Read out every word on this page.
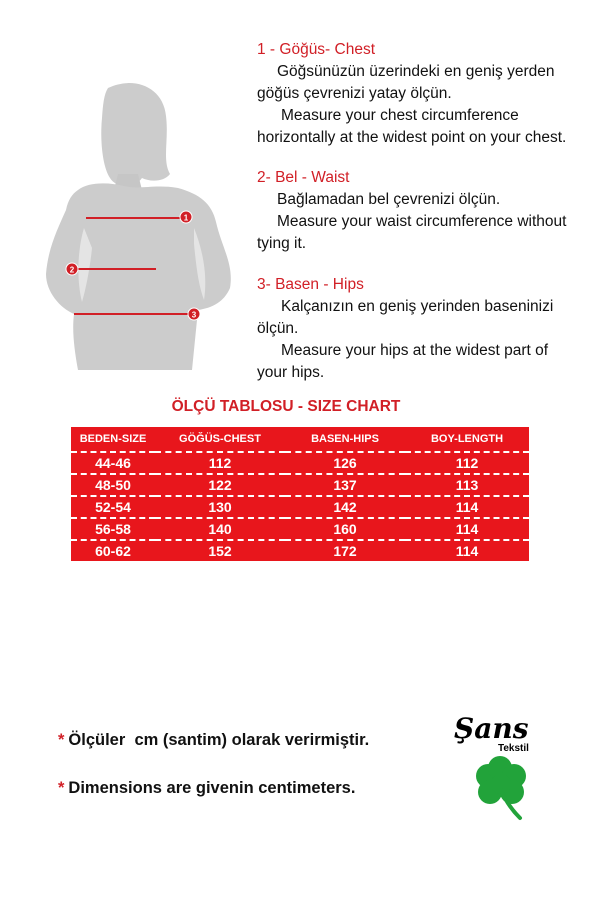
1
2
3

1 - Göğüs- Chest

Göğsünüzün üzerindeki en geniş yerden

göğüs çevrenizi yatay ölçün.

Measure your chest circumference

horizontally at the widest point on your chest.

2- Bel - Waist

Bağlamadan bel çevrenizi ölçün.

Measure your waist circumference without

tying it.

3- Basen - Hips

Kalçanızın en geniş yerinden baseninizi

ölçün.

Measure your hips at the widest part of

your hips.

ÖLÇÜ TABLOSU - SIZE CHART
BEDEN-SIZE	GÖĞÜS-CHEST	BASEN-HIPS	BOY-LENGTH
44-46	112	126	112
48-50	122	137	113
52-54	130	142	114
56-58	140	160	114
60-62	152	172	114
* Ölçüler  cm (santim) olarak verirmiştir.
* Dimensions are givenin centimeters.
Şans
Tekstil
